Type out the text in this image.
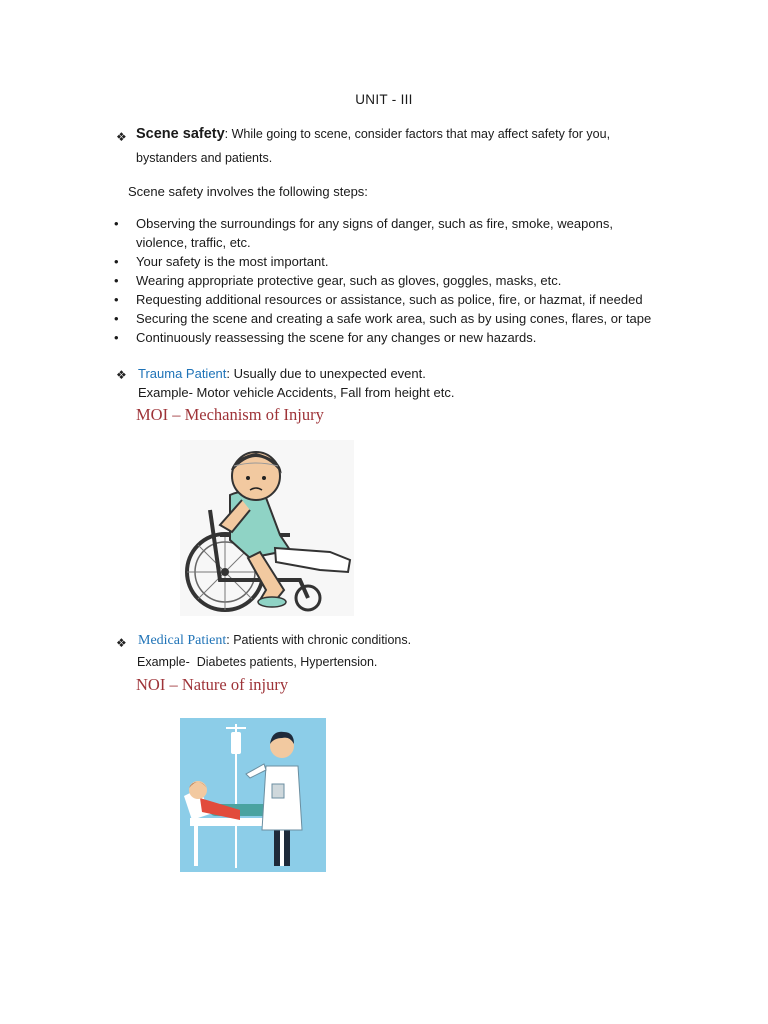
UNIT - III
❖ Scene safety: While going to scene, consider factors that may affect safety for you,
bystanders and patients.
Scene safety involves the following steps:
• Observing the surroundings for any signs of danger, such as fire, smoke, weapons,
violence, traffic, etc.
• Your safety is the most important.
• Wearing appropriate protective gear, such as gloves, goggles, masks, etc.
• Requesting additional resources or assistance, such as police, fire, or hazmat, if needed
• Securing the scene and creating a safe work area, such as by using cones, flares, or tape
• Continuously reassessing the scene for any changes or new hazards.
❖ Trauma Patient: Usually due to unexpected event.
Example- Motor vehicle Accidents, Fall from height etc.
MOI – Mechanism of Injury
❖ Medical Patient: Patients with chronic conditions.
Example-  Diabetes patients, Hypertension.
NOI – Nature of injury
